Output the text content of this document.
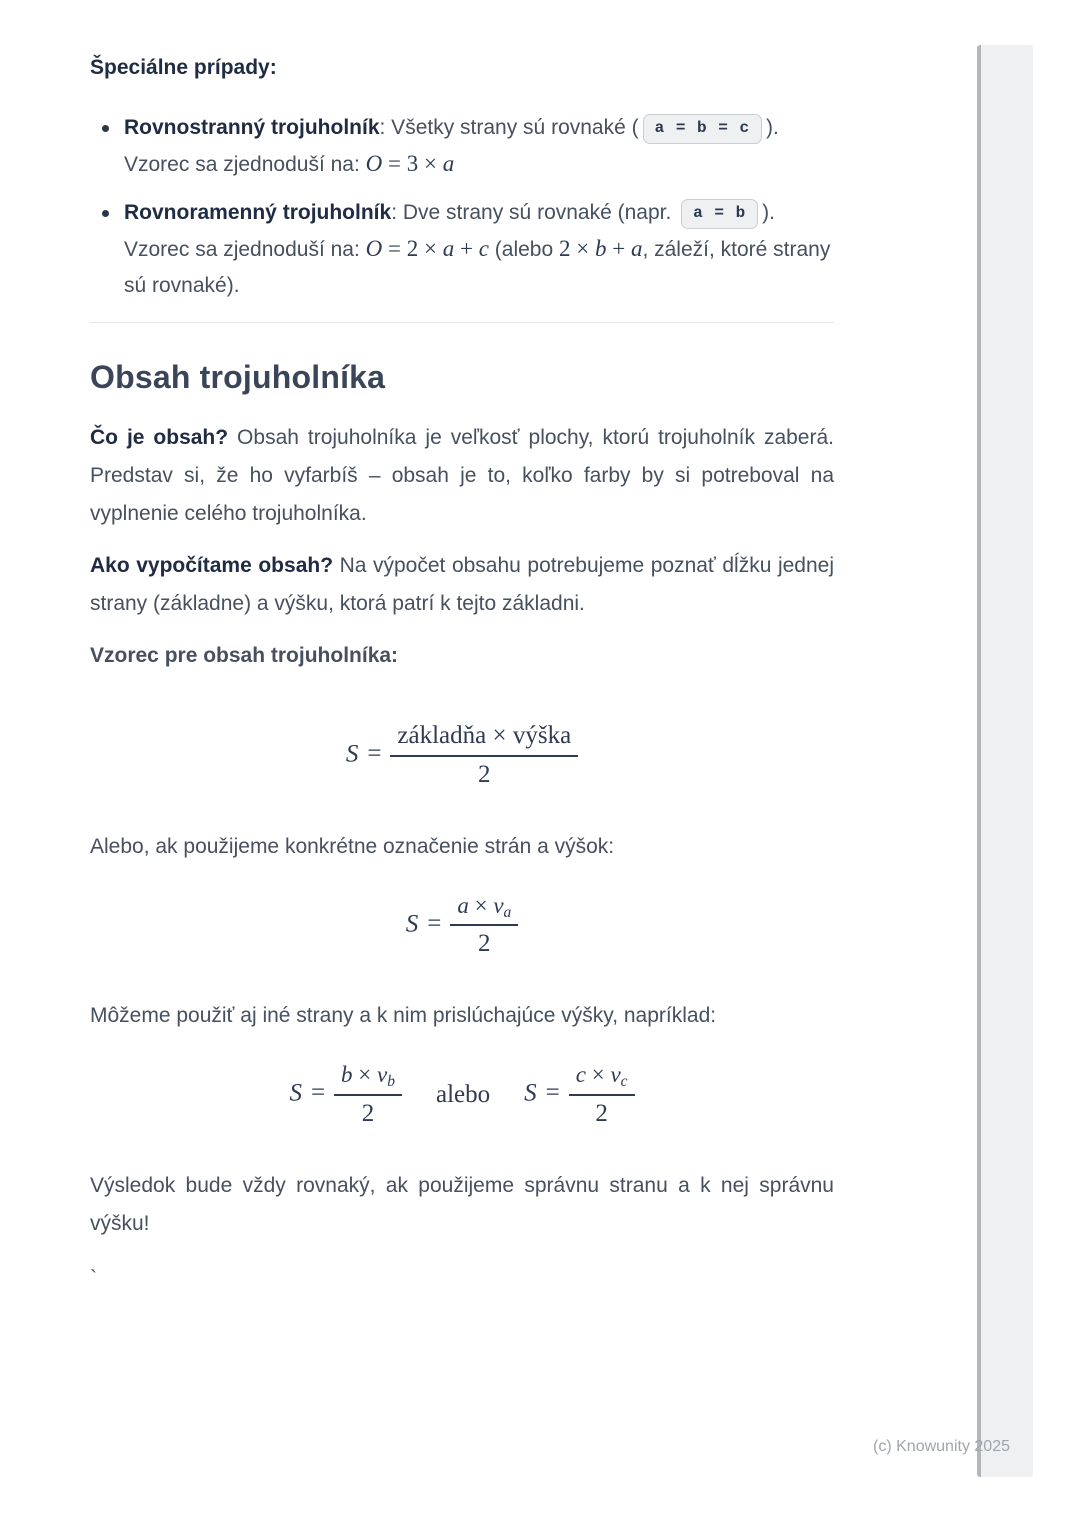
Špeciálne prípady:
Rovnostranný trojuholník: Všetky strany sú rovnaké ( a = b = c ).
Vzorec sa zjednoduší na: O = 3 × a
Rovnoramenný trojuholník: Dve strany sú rovnaké (napr. a = b ).
Vzorec sa zjednoduší na: O = 2 × a + c (alebo 2 × b + a, záleží, ktoré strany sú rovnaké).
Obsah trojuholníka

Čo je obsah? Obsah trojuholníka je veľkosť plochy, ktorú trojuholník zaberá. Predstav si, že ho vyfarbíš – obsah je to, koľko farby by si potreboval na vyplnenie celého trojuholníka.

Ako vypočítame obsah? Na výpočet obsahu potrebujeme poznať dĺžku jednej strany (základne) a výšku, ktorá patrí k tejto základni.

Vzorec pre obsah trojuholníka:

$S = \frac{\text{základňa × výška}}{2}$

Alebo, ak použijeme konkrétne označenie strán a výšok:

$S = \frac{a \times va}{2}$

Môžeme použiť aj iné strany a k nim prislúchajúce výšky, napríklad:

$S = \frac{b \times vb}{2}$ alebo $S = \frac{c \times vc}{2}$

Výsledok bude vždy rovnaký, ak použijeme správnu stranu a k nej správnu výšku!

`

(c) Knowunity 2025
